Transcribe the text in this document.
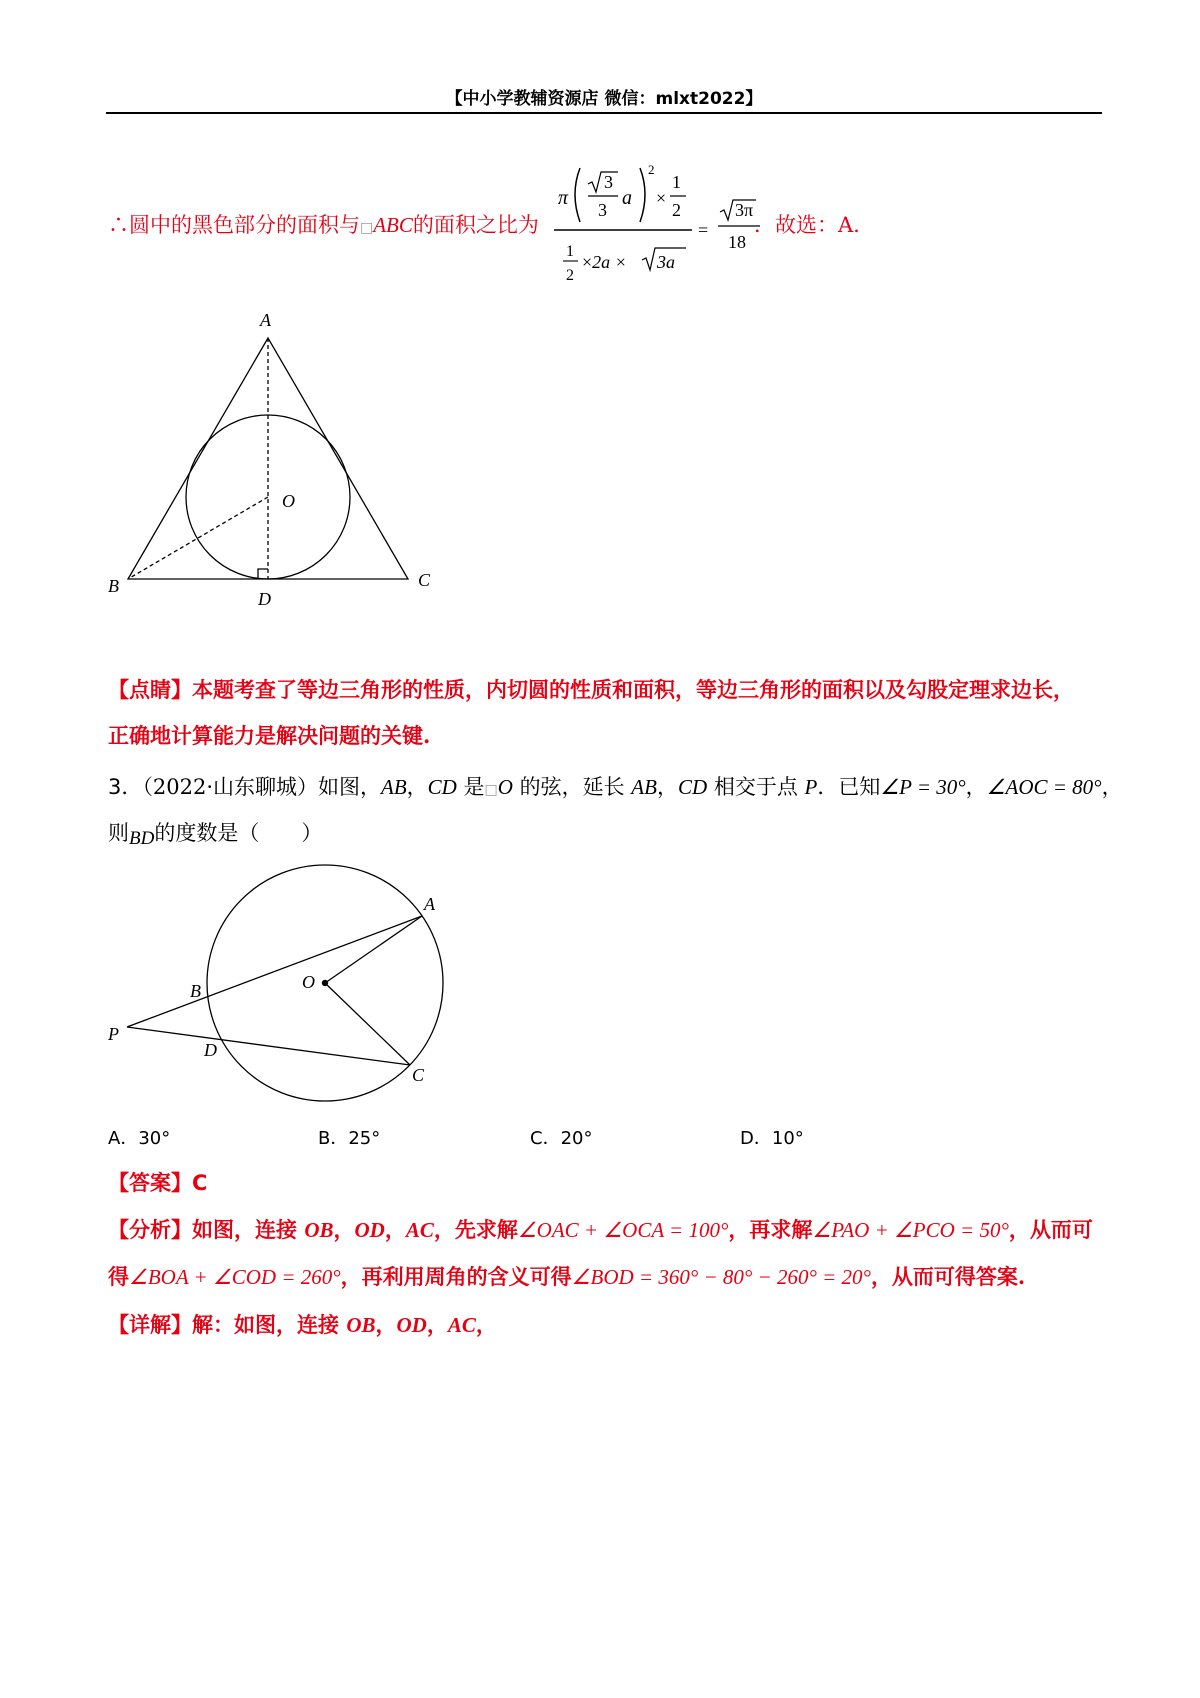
【中小学教辅资源店 微信：mlxt2022】
∴圆中的黑色部分的面积与□ABC的面积之比为
π
3
3
a
2
×
1
2
1
2
×2a × 3a
=
3π
18
．故选：A.
A
O
B
D
C
【点睛】本题考查了等边三角形的性质，内切圆的性质和面积，等边三角形的面积以及勾股定理求边长，
正确地计算能力是解决问题的关键.
3．（2022·山东聊城）如图，AB，CD 是□O 的弦，延长 AB，CD 相交于点 P．已知∠P = 30°，∠AOC = 80°，
则BD的度数是（　　）
A
B	O
P
D
C
A．30°	B．25°	C．20°	D．10°
【答案】C
【分析】如图，连接 OB，OD，AC，先求解∠OAC + ∠OCA = 100°，再求解∠PAO + ∠PCO = 50°，从而可
得∠BOA + ∠COD = 260°，再利用周角的含义可得∠BOD = 360° − 80° − 260° = 20°，从而可得答案.
【详解】解：如图，连接 OB，OD，AC，
